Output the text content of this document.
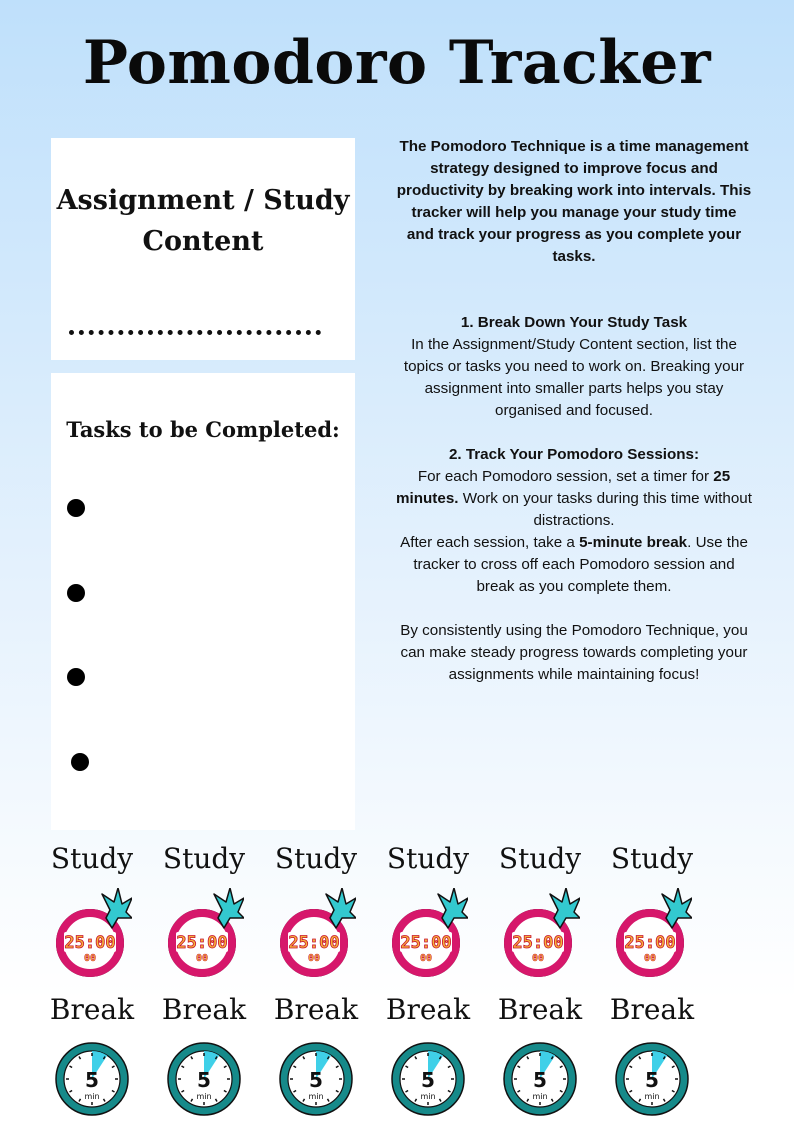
Pomodoro Tracker
Assignment / Study Content
Tasks to be Completed:
The Pomodoro Technique is a time management strategy designed to improve focus and productivity by breaking work into intervals. This tracker will help you manage your study time and track your progress as you complete your tasks.

1. Break Down Your Study Task
In the Assignment/Study Content section, list the topics or tasks you need to work on. Breaking your assignment into smaller parts helps you stay organised and focused.

2. Track Your Pomodoro Sessions:
For each Pomodoro session, set a timer for 25 minutes. Work on your tasks during this time without distractions.
After each session, take a 5-minute break. Use the tracker to cross off each Pomodoro session and break as you complete them.

By consistently using the Pomodoro Technique, you can make steady progress towards completing your assignments while maintaining focus!

Study
25:00
00
Break
5
min
Study
25:00
00
Break
5
min
Study
25:00
00
Break
5
min
Study
25:00
00
Break
5
min
Study
25:00
00
Break
5
min
Study
25:00
00
Break
5
min
